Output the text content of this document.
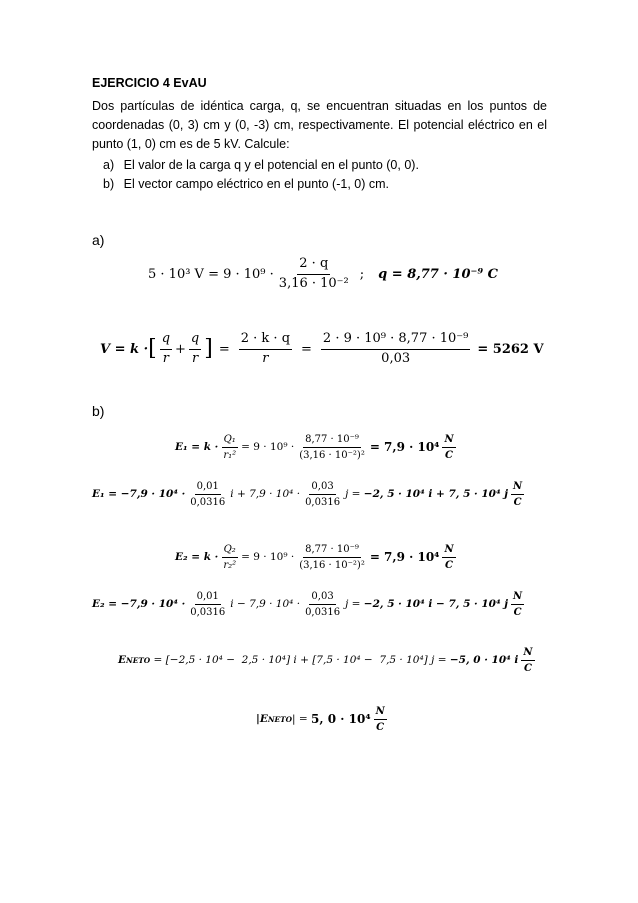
EJERCICIO 4 EvAU
Dos partículas de idéntica carga, q, se encuentran situadas en los puntos de
coordenadas (0, 3) cm y (0, -3) cm, respectivamente. El potencial eléctrico en el
punto (1, 0) cm es de 5 kV. Calcule:
a) El valor de la carga q y el potencial en el punto (0, 0).
b) El vector campo eléctrico en el punto (-1, 0) cm.
a)
5 · 10³ $V = 9 \cdot 10^9 \cdot \frac{2 \cdot q}{\text{3,16 · 10⁻²}}$ ; q = 8,77 · 10⁻⁹ C
V = k · [ $\frac{q}{r} + \frac{q}{r}$ ] = $\frac{2 \cdot k \cdot q}{r} = \frac{\text{2 · 9 · 10⁹ · 8,77 · 10⁻⁹}}{0,03} = 5262$ V
b)
$E_1 = k \cdot \frac{\text{Q₁}}{\text{r₁²}} = 9 \cdot 10^9 \cdot \frac{\text{8,77 · 10⁻⁹}}{\text{(3,16 · 10⁻²)²}} = 7,9 \cdot 10^4 \frac{N}{C}$
$E_1 = -7,9 \cdot 10^4 \cdot \frac{0,01}{0,0316}$ $i + 7,9 \cdot 10^4 \cdot \frac{0,03}{0,0316}$ j = −2, 5 · 10⁴ i + 7, 5 · 10⁴ j $\frac{N}{C}$
$E_2 = k \cdot \frac{\text{Q₂}}{\text{r₂²}} = 9 \cdot 10^9 \cdot \frac{\text{8,77 · 10⁻⁹}}{\text{(3,16 · 10⁻²)²}} = 7,9 \cdot 10^4 \frac{N}{C}$
$E_2 = -7,9 \cdot 10^4 \cdot \frac{0,01}{0,0316}$ $i - 7,9 \cdot 10^4 \cdot \frac{0,03}{0,0316}$ j = −2, 5 · 10⁴ i − 7, 5 · 10⁴ j $\frac{N}{C}$
E NETO = [−2,5 · 10⁴ −  2,5 · 10⁴] i + [7,5 · 10⁴ −  7,5 · 10⁴] j = −5, 0 · 10⁴ i $\frac{N}{C}$
|E NETO | = 5, $0 \cdot 10^4 \frac{N}{C}$
